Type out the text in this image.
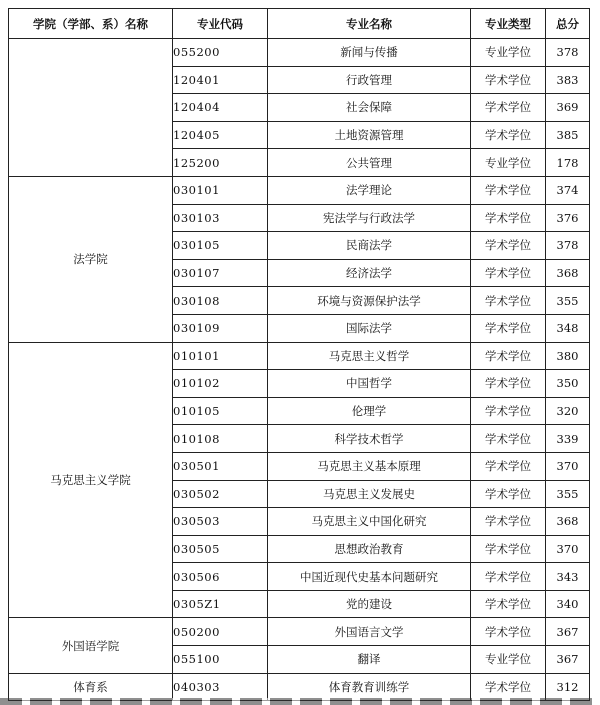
学院（学部、系）名称	专业代码	专业名称	专业类型	总分
	055200	新闻与传播	专业学位	378
	120401	行政管理	学术学位	383
	120404	社会保障	学术学位	369
	120405	土地资源管理	学术学位	385
	125200	公共管理	专业学位	178
法学院	030101	法学理论	学术学位	374
	030103	宪法学与行政法学	学术学位	376
	030105	民商法学	学术学位	378
	030107	经济法学	学术学位	368
	030108	环境与资源保护法学	学术学位	355
	030109	国际法学	学术学位	348
马克思主义学院	010101	马克思主义哲学	学术学位	380
	010102	中国哲学	学术学位	350
	010105	伦理学	学术学位	320
	010108	科学技术哲学	学术学位	339
	030501	马克思主义基本原理	学术学位	370
	030502	马克思主义发展史	学术学位	355
	030503	马克思主义中国化研究	学术学位	368
	030505	思想政治教育	学术学位	370
	030506	中国近现代史基本问题研究	学术学位	343
	0305Z1	党的建设	学术学位	340
外国语学院	050200	外国语言文学	学术学位	367
	055100	翻译	专业学位	367
体育系	040303	体育教育训练学	学术学位	312
